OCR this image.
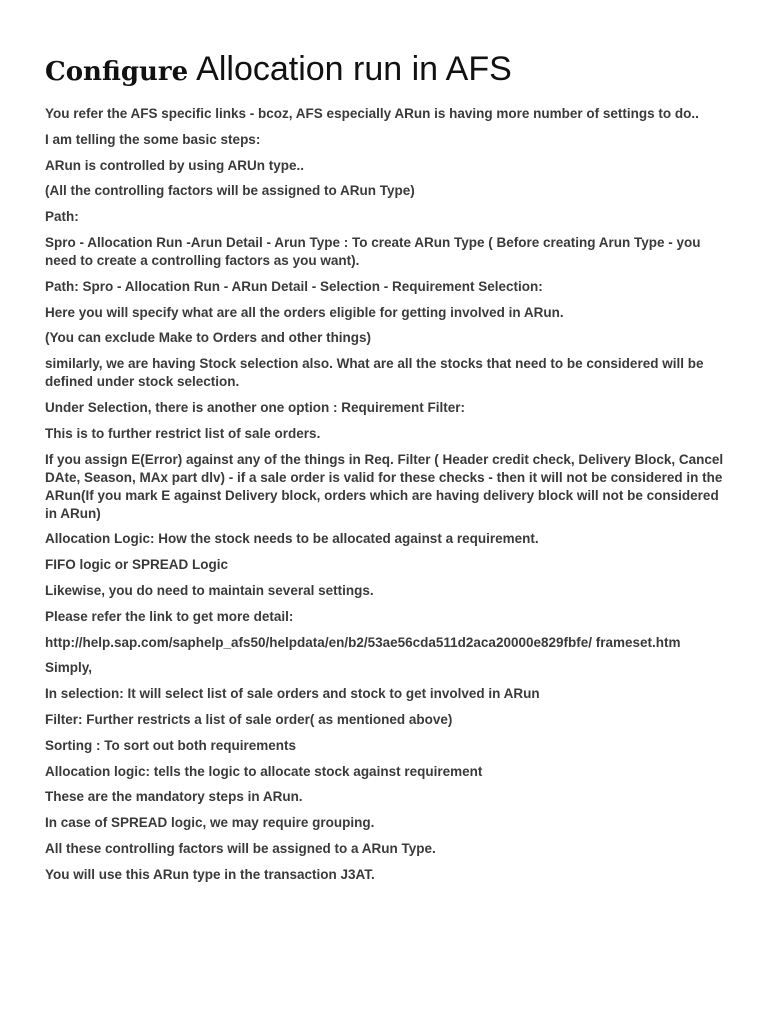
Configure Allocation run in AFS

You refer the AFS specific links - bcoz, AFS especially ARun is having more number of settings to do..

I am telling the some basic steps:

ARun is controlled by using ARUn type..

(All the controlling factors will be assigned to ARun Type)

Path:

Spro - Allocation Run -Arun Detail - Arun Type : To create ARun Type ( Before creating Arun Type - you need to create a controlling factors as you want).

Path: Spro - Allocation Run - ARun Detail - Selection - Requirement Selection:

Here you will specify what are all the orders eligible for getting involved in ARun.

(You can exclude Make to Orders and other things)

similarly, we are having Stock selection also. What are all the stocks that need to be considered will be defined under stock selection.

Under Selection, there is another one option : Requirement Filter:

This is to further restrict list of sale orders.

If you assign E(Error) against any of the things in Req. Filter ( Header credit check, Delivery Block, Cancel DAte, Season, MAx part dlv) - if a sale order is valid for these checks - then it will not be considered in the ARun(If you mark E against Delivery block, orders which are having delivery block will not be considered in ARun)

Allocation Logic: How the stock needs to be allocated against a requirement.

FIFO logic or SPREAD Logic

Likewise, you do need to maintain several settings.

Please refer the link to get more detail:

http://help.sap.com/saphelp_afs50/helpdata/en/b2/53ae56cda511d2aca20000e829fbfe/ frameset.htm

Simply,

In selection: It will select list of sale orders and stock to get involved in ARun

Filter: Further restricts a list of sale order( as mentioned above)

Sorting : To sort out both requirements

Allocation logic: tells the logic to allocate stock against requirement

These are the mandatory steps in ARun.

In case of SPREAD logic, we may require grouping.

All these controlling factors will be assigned to a ARun Type.

You will use this ARun type in the transaction J3AT.
